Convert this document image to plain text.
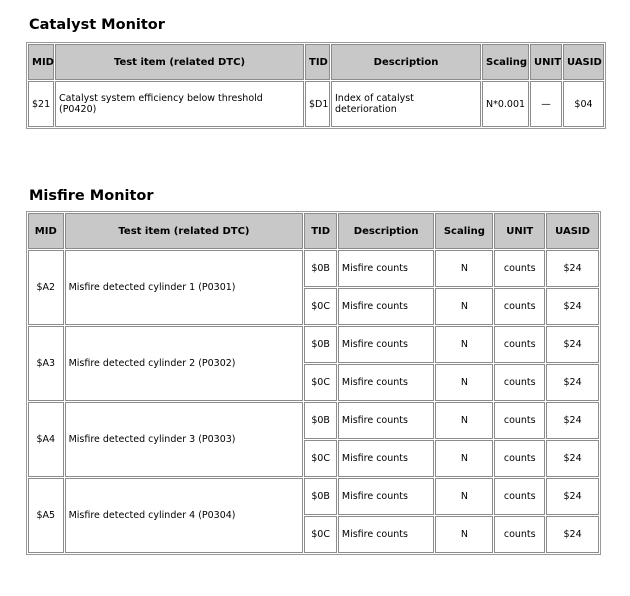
Catalyst Monitor
MID	Test item (related DTC)	TID	Description	Scaling	UNIT	UASID
$21	Catalyst system efficiency below threshold (P0420)	$D1	Index of catalyst deterioration	N*0.001	—	$04
Misfire Monitor
MID	Test item (related DTC)	TID	Description	Scaling	UNIT	UASID
$A2	Misfire detected cylinder 1 (P0301)	$0B	Misfire counts	N	counts	$24
		$0C	Misfire counts	N	counts	$24
$A3	Misfire detected cylinder 2 (P0302)	$0B	Misfire counts	N	counts	$24
		$0C	Misfire counts	N	counts	$24
$A4	Misfire detected cylinder 3 (P0303)	$0B	Misfire counts	N	counts	$24
		$0C	Misfire counts	N	counts	$24
$A5	Misfire detected cylinder 4 (P0304)	$0B	Misfire counts	N	counts	$24
		$0C	Misfire counts	N	counts	$24
